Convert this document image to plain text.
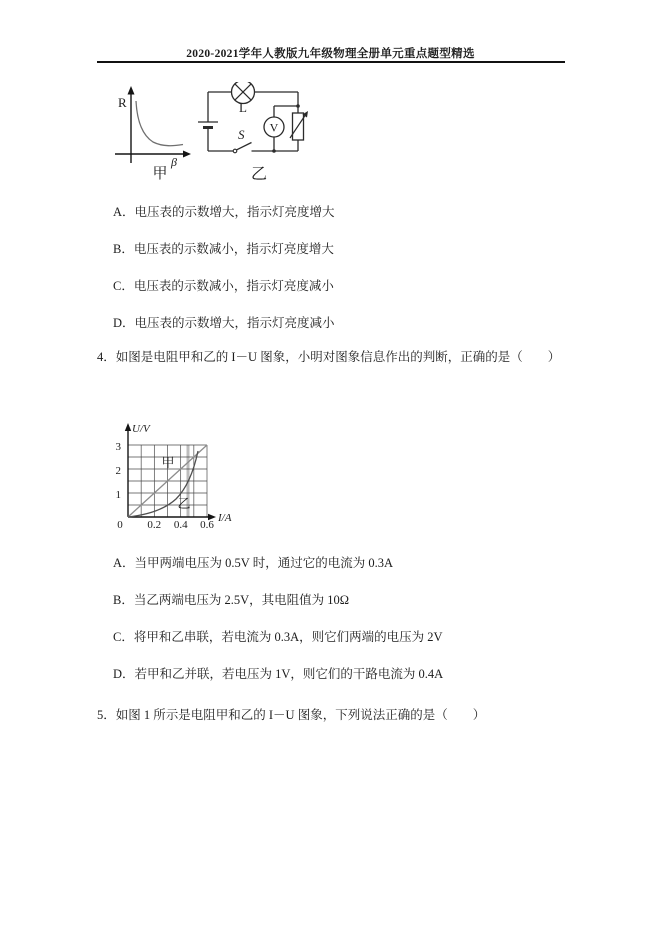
2020-2021学年人教版九年级物理全册单元重点题型精选
R
β
甲
L
S V
乙
A．电压表的示数增大，指示灯亮度增大
B．电压表的示数减小，指示灯亮度增大
C．电压表的示数减小，指示灯亮度减小
D．电压表的示数增大，指示灯亮度减小
4．如图是电阻甲和乙的 I－U 图象，小明对图象信息作出的判断，正确的是（　　）
U/V
I/A
3
2
1
0 0.2 0.4 0.6
甲
乙
A．当甲两端电压为 0.5V 时，通过它的电流为 0.3A
B．当乙两端电压为 2.5V，其电阻值为 10Ω
C．将甲和乙串联，若电流为 0.3A，则它们两端的电压为 2V
D．若甲和乙并联，若电压为 1V，则它们的干路电流为 0.4A
5．如图 1 所示是电阻甲和乙的 I－U 图象，下列说法正确的是（　　）
